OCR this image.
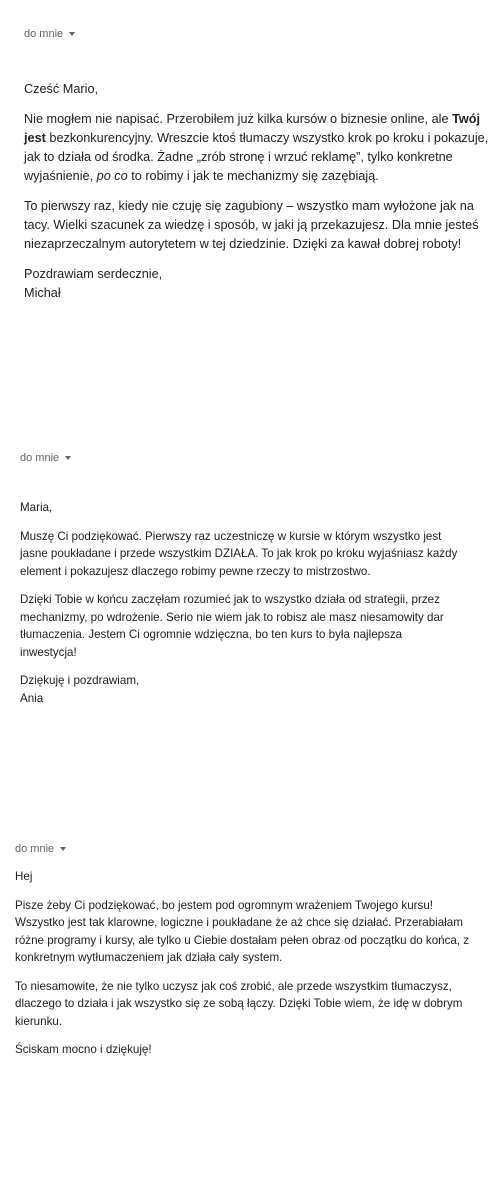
do mnie

Cześć Mario,

Nie mogłem nie napisać. Przerobiłem już kilka kursów o biznesie online, ale Twój jest bezkonkurencyjny. Wreszcie ktoś tłumaczy wszystko krok po kroku i pokazuje, jak to działa od środka. Żadne „zrób stronę i wrzuć reklamę”, tylko konkretne wyjaśnienie, po co to robimy i jak te mechanizmy się zazębiają.

To pierwszy raz, kiedy nie czuję się zagubiony – wszystko mam wyłożone jak na tacy. Wielki szacunek za wiedzę i sposób, w jaki ją przekazujesz. Dla mnie jesteś niezaprzeczalnym autorytetem w tej dziedzinie. Dzięki za kawał dobrej roboty!

Pozdrawiam serdecznie,

Michał

do mnie

Maria,

Muszę Ci podziękować. Pierwszy raz uczestniczę w kursie w którym wszystko jest jasne poukładane i przede wszystkim DZIAŁA. To jak krok po kroku wyjaśniasz każdy element i pokazujesz dlaczego robimy pewne rzeczy to mistrzostwo.

Dzięki Tobie w końcu zaczęłam rozumieć jak to wszystko działa od strategii, przez mechanizmy, po wdrożenie. Serio nie wiem jak to robisz ale masz niesamowity dar tłumaczenia. Jestem Ci ogromnie wdzięczna, bo ten kurs to była najlepsza inwestycja!

Dziękuję i pozdrawiam,

Ania

do mnie

Hej

Pisze żeby Ci podziękować, bo jestem pod ogromnym wrażeniem Twojego kursu! Wszystko jest tak klarowne, logiczne i poukładane że aż chce się działać. Przerabiałam różne programy i kursy, ale tylko u Ciebie dostałam pełen obraz od początku do końca, z konkretnym wytłumaczeniem jak działa cały system.

To niesamowite, że nie tylko uczysz jak coś zrobić, ale przede wszystkim tłumaczysz, dlaczego to działa i jak wszystko się ze sobą łączy. Dzięki Tobie wiem, że idę w dobrym kierunku.

Ściskam mocno i dziękuję!
